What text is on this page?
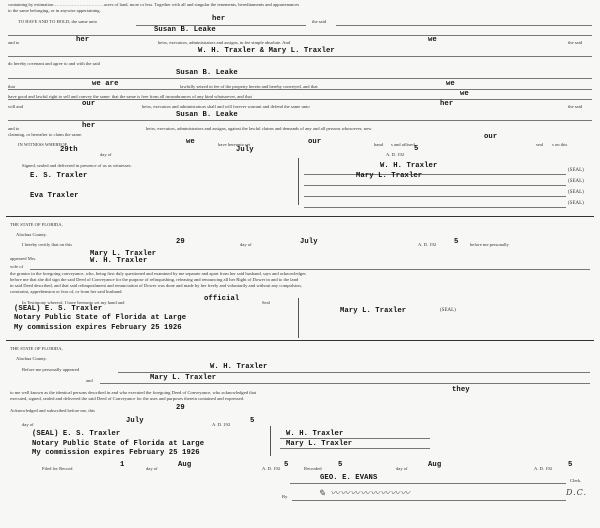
containing by estimation……………………………acres of land, more or less. Together with all and singular the tenements, hereditaments and appurtenances
to the same belonging, or in anywise appertaining.
TO HAVE AND TO HOLD, the same unto	her	the said
Susan B. Leake
and to	her	heirs, executors, administrators and assigns, in fee simple absolute. And	we	the said
W. H. Traxler & Mary L. Traxler
do hereby covenant and agree to and with the said
Susan B. Leake
that	we are	lawfully seized in fee of the property herein and hereby conveyed, and that	we
have good and lawful right to sell and convey the same: that the same is free from all incumbrances of any kind whatsoever, and that	we
will and	our	heirs, executors and administrators shall and will forever warrant and defend the same unto	her	the said
Susan B. Leake
and to	her	heirs, executors, administrators and assigns, against the lawful claims and demands of any and all persons whosoever, now
claiming, or hereafter to claim the same.
IN WITNESS WHEREOF,	we	have hereunto set	our	hand s and affixed
our
seal s on this
29th
day of
July
A. D. 192
5
Signed, sealed and delivered in presence of us as witnesses:
E. S. Traxler
Eva Traxler
W. H. Traxler
Mary L. Traxler
(SEAL)
(SEAL)
(SEAL)
(SEAL)
THE STATE OF FLORIDA,
Alachua County.
I hereby certify that on this	29	day of	July	A. D. 192 5	before me personally
appeared Mrs.
Mary L. Traxler
W. H. Traxler
wife of
the grantor in the foregoing conveyance, who, being first duly questioned and examined by me separate and apart from her said husband, says and acknowledges
before me that she did sign the said Deed of Conveyance for the purpose of relinquishing, releasing and renouncing all her Right of Dower in and to the land
in said Deed described, and that said relinquishment and renunciation of Dower was done and made by her freely and voluntarily and without any compulsion,
constraint, apprehension or fear of, or from her said husband.
In Testimony whereof, I have hereunto set my hand and	official	Seal
(SEAL) E. S. Traxler
Notary Public State of Florida at Large
My commission expires February 25 1926
Mary L. Traxler	(SEAL)
THE STATE OF FLORIDA,
Alachua County.
Before me personally appeared	W. H. Traxler
and	Mary L. Traxler
to me well known as the identical persons described in and who executed the foregoing Deed of Conveyance, who acknowledged that	they
executed, signed, sealed and delivered the said Deed of Conveyance for the uses and purposes therein contained and expressed.
Acknowledged and subscribed before me, this	29
day of	July	A. D. 192	5
(SEAL) E. S. Traxler
Notary Public State of Florida at Large
My commission expires February 25 1926
W. H. Traxler
Mary L. Traxler
Filed for Record	1	day of	Aug	A. D. 192 5	Recorded 5	day of	Aug	A. D. 192 5
GEO. E. EVANS	Clerk.
By	✎ 〰〰〰〰〰〰〰〰	D.C.
